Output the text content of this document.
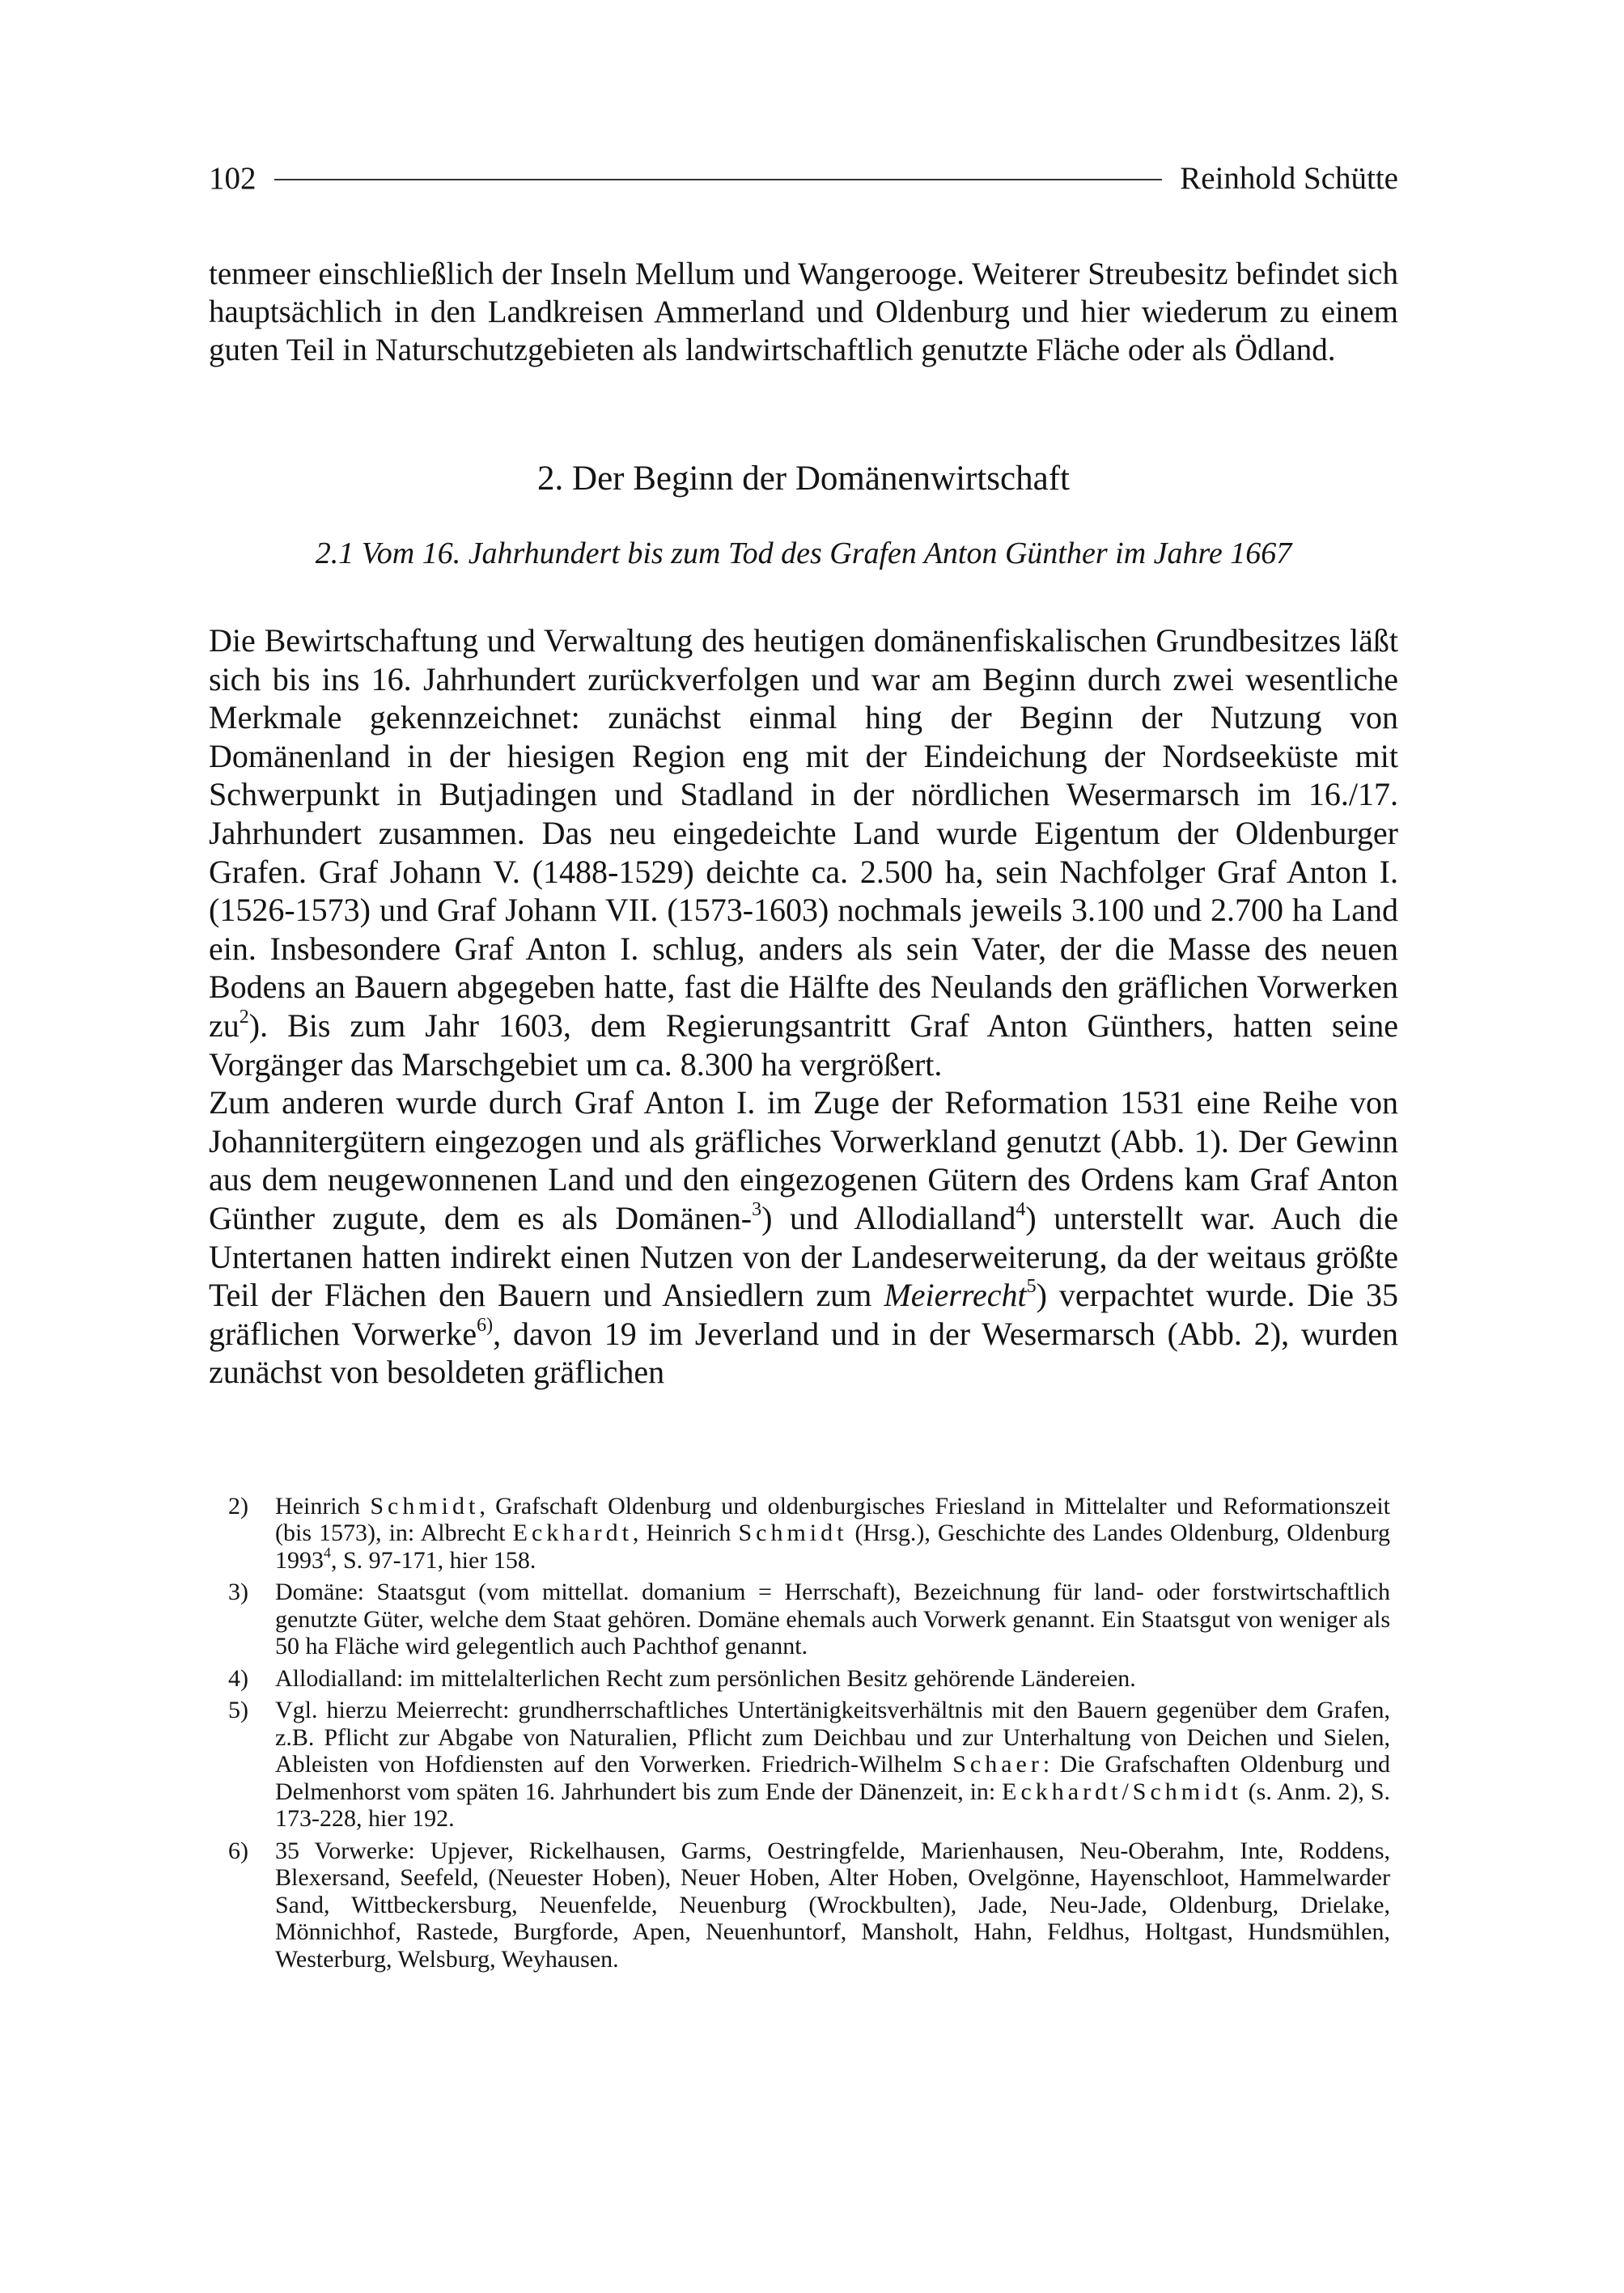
102	Reinhold Schütte

tenmeer einschließlich der Inseln Mellum und Wangerooge. Weiterer Streubesitz befindet sich hauptsächlich in den Landkreisen Ammerland und Oldenburg und hier wiederum zu einem guten Teil in Naturschutzgebieten als landwirtschaftlich genutzte Fläche oder als Ödland.

2. Der Beginn der Domänenwirtschaft
2.1 Vom 16. Jahrhundert bis zum Tod des Grafen Anton Günther im Jahre 1667

Die Bewirtschaftung und Verwaltung des heutigen domänenfiskalischen Grundbesitzes läßt sich bis ins 16. Jahrhundert zurückverfolgen und war am Beginn durch zwei wesentliche Merkmale gekennzeichnet: zunächst einmal hing der Beginn der Nutzung von Domänenland in der hiesigen Region eng mit der Eindeichung der Nordseeküste mit Schwerpunkt in Butjadingen und Stadland in der nördlichen Wesermarsch im 16./17. Jahrhundert zusammen. Das neu eingedeichte Land wurde Eigentum der Oldenburger Grafen. Graf Johann V. (1488-1529) deichte ca. 2.500 ha, sein Nachfolger Graf Anton I. (1526-1573) und Graf Johann VII. (1573-1603) nochmals jeweils 3.100 und 2.700 ha Land ein. Insbesondere Graf Anton I. schlug, anders als sein Vater, der die Masse des neuen Bodens an Bauern abgegeben hatte, fast die Hälfte des Neulands den gräflichen Vorwerken $zu^2$). Bis zum Jahr 1603, dem Regierungsantritt Graf Anton Günthers, hatten seine Vorgänger das Marschgebiet um ca. 8.300 ha vergrößert.

Zum anderen wurde durch Graf Anton I. im Zuge der Reformation 1531 eine Reihe von Johannitergütern eingezogen und als gräfliches Vorwerkland genutzt (Abb. 1). Der Gewinn aus dem neugewonnenen Land und den eingezogenen Gütern des Ordens kam Graf Anton Günther zugute, dem es als Domänen-$^3$) und Allodialland$^4$) unterstellt war. Auch die Untertanen hatten indirekt einen Nutzen von der Landeserweiterung, da der weitaus größte Teil der Flächen den Bauern und Ansiedlern zum Meierrecht$^5$) verpachtet wurde. Die 35 gräflichen Vorwerke$^{6)}$, davon 19 im Jeverland und in der Wesermarsch (Abb. 2), wurden zunächst von besoldeten gräflichen

2)	Heinrich Schmidt, Grafschaft Oldenburg und oldenburgisches Friesland in Mittelalter und Reformationszeit (bis 1573), in: Albrecht Eckhardt, Heinrich Schmidt (Hrsg.), Geschichte des Landes Oldenburg, Oldenburg 1993$^4$, S. 97-171, hier 158.
3)	Domäne: Staatsgut (vom mittellat. domanium = Herrschaft), Bezeichnung für land- oder forstwirtschaftlich genutzte Güter, welche dem Staat gehören. Domäne ehemals auch Vorwerk genannt. Ein Staatsgut von weniger als 50 ha Fläche wird gelegentlich auch Pachthof genannt.
4)	Allodialland: im mittelalterlichen Recht zum persönlichen Besitz gehörende Ländereien.
5)	Vgl. hierzu Meierrecht: grundherrschaftliches Untertänigkeitsverhältnis mit den Bauern gegenüber dem Grafen, z.B. Pflicht zur Abgabe von Naturalien, Pflicht zum Deichbau und zur Unterhaltung von Deichen und Sielen, Ableisten von Hofdiensten auf den Vorwerken. Friedrich-Wilhelm Schaer: Die Grafschaften Oldenburg und Delmenhorst vom späten 16. Jahrhundert bis zum Ende der Dänenzeit, in: Eckhardt/Schmidt (s. Anm. 2), S. 173-228, hier 192.
6)	35 Vorwerke: Upjever, Rickelhausen, Garms, Oestringfelde, Marienhausen, Neu-Oberahm, Inte, Roddens, Blexersand, Seefeld, (Neuester Hoben), Neuer Hoben, Alter Hoben, Ovelgönne, Hayenschloot, Hammelwarder Sand, Wittbeckersburg, Neuenfelde, Neuenburg (Wrockbulten), Jade, Neu-Jade, Oldenburg, Drielake, Mönnichhof, Rastede, Burgforde, Apen, Neuenhuntorf, Mansholt, Hahn, Feldhus, Holtgast, Hundsmühlen, Westerburg, Welsburg, Weyhausen.
